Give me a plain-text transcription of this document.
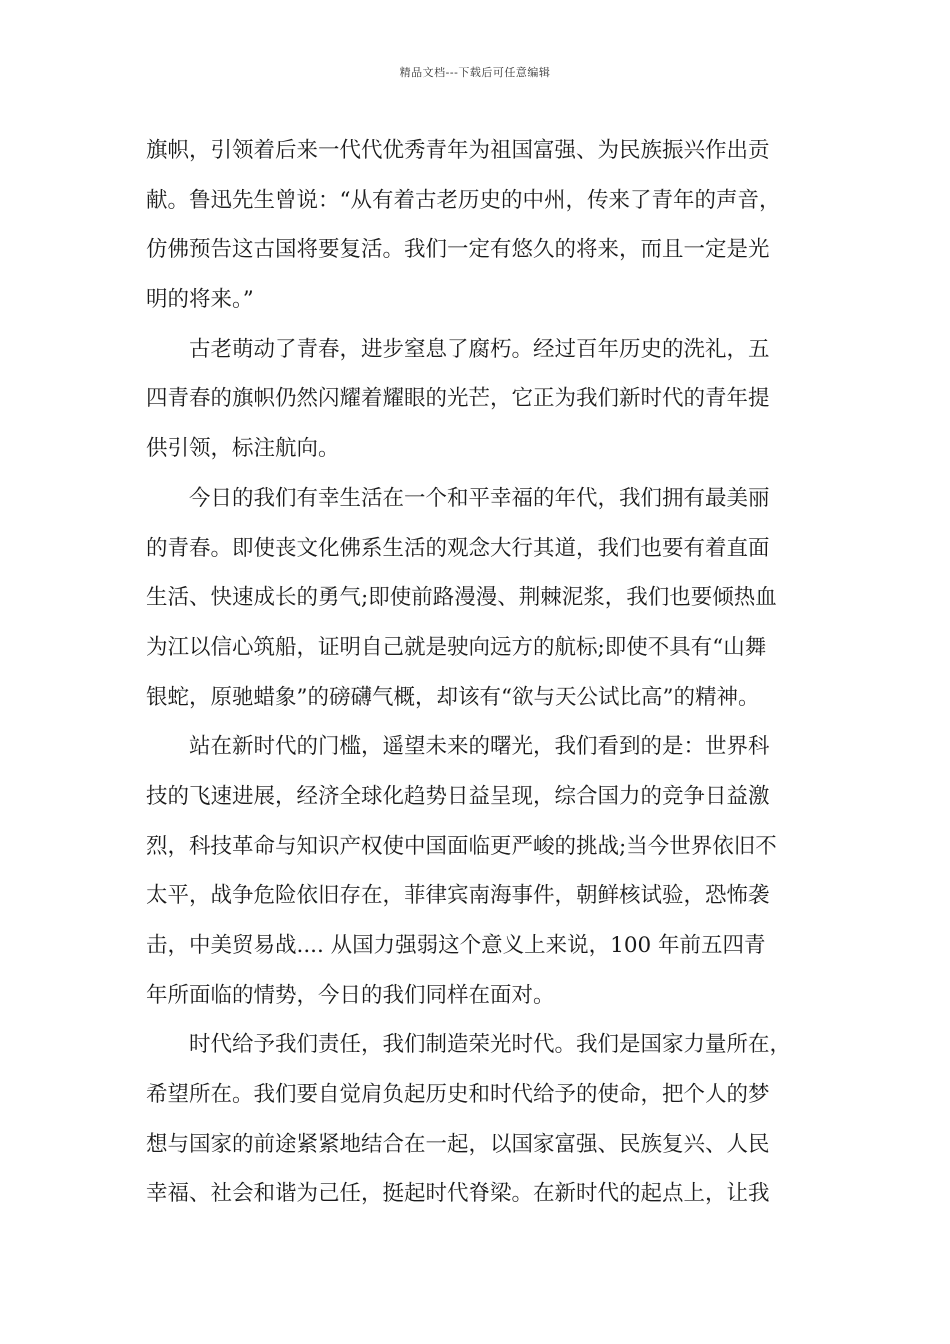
精品文档---下载后可任意编辑
旗帜，引领着后来一代代优秀青年为祖国富强、为民族振兴作出贡
献。鲁迅先生曾说：“从有着古老历史的中州，传来了青年的声音，
仿佛预告这古国将要复活。我们一定有悠久的将来，而且一定是光
明的将来。”
古老萌动了青春，进步窒息了腐朽。经过百年历史的洗礼，五
四青春的旗帜仍然闪耀着耀眼的光芒，它正为我们新时代的青年提
供引领，标注航向。
今日的我们有幸生活在一个和平幸福的年代，我们拥有最美丽
的青春。即使丧文化佛系生活的观念大行其道，我们也要有着直面
生活、快速成长的勇气;即使前路漫漫、荆棘泥浆，我们也要倾热血
为江以信心筑船，证明自己就是驶向远方的航标;即使不具有“山舞
银蛇，原驰蜡象”的磅礴气概，却该有“欲与天公试比高”的精神。
站在新时代的门槛，遥望未来的曙光，我们看到的是：世界科
技的飞速进展，经济全球化趋势日益呈现，综合国力的竞争日益激
烈，科技革命与知识产权使中国面临更严峻的挑战;当今世界依旧不
太平，战争危险依旧存在，菲律宾南海事件，朝鲜核试验，恐怖袭
击，中美贸易战.... 从国力强弱这个意义上来说，100 年前五四青
年所面临的情势，今日的我们同样在面对。
时代给予我们责任，我们制造荣光时代。我们是国家力量所在，
希望所在。我们要自觉肩负起历史和时代给予的使命，把个人的梦
想与国家的前途紧紧地结合在一起，以国家富强、民族复兴、人民
幸福、社会和谐为己任，挺起时代脊梁。在新时代的起点上，让我
